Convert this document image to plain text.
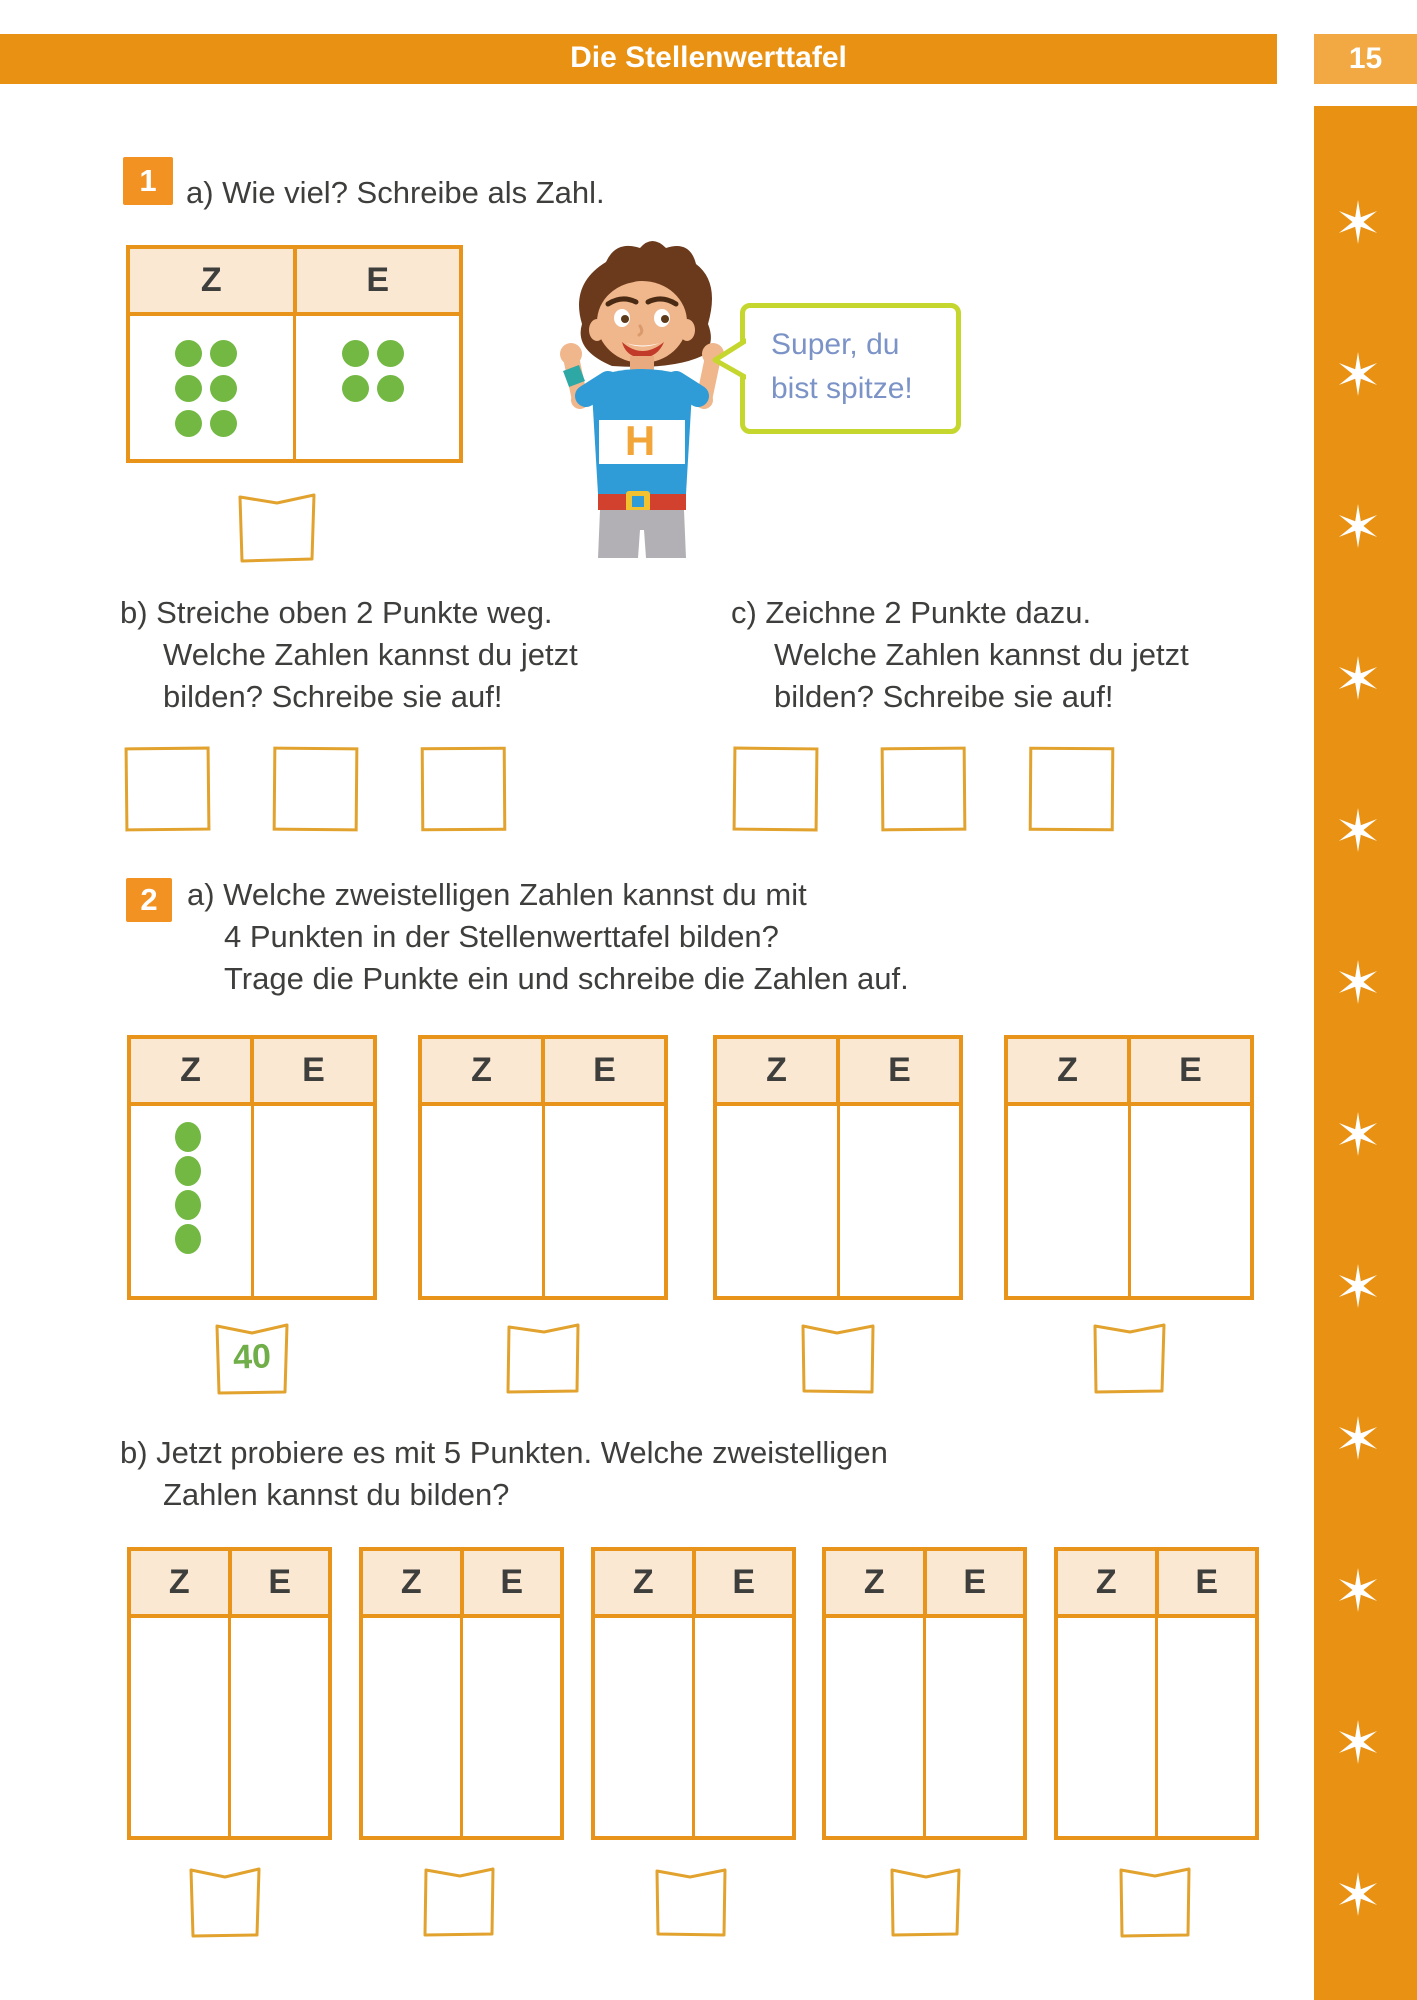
Die Stellenwerttafel	15
1 a) Wie viel? Schreibe als Zahl.
Z	E
H
Super, du
bist spitze!
b) Streiche oben 2 Punkte weg.
Welche Zahlen kannst du jetzt
bilden? Schreibe sie auf!
c) Zeichne 2 Punkte dazu.
Welche Zahlen kannst du jetzt
bilden? Schreibe sie auf!
2 a) Welche zweistelligen Zahlen kannst du mit
4 Punkten in der Stellenwerttafel bilden?
Trage die Punkte ein und schreibe die Zahlen auf.
Z	E	Z	E	Z	E	Z	E
40
b) Jetzt probiere es mit 5 Punkten. Welche zweistelligen
Zahlen kannst du bilden?
Z	E	Z	E	Z	E	Z	E	Z	E
